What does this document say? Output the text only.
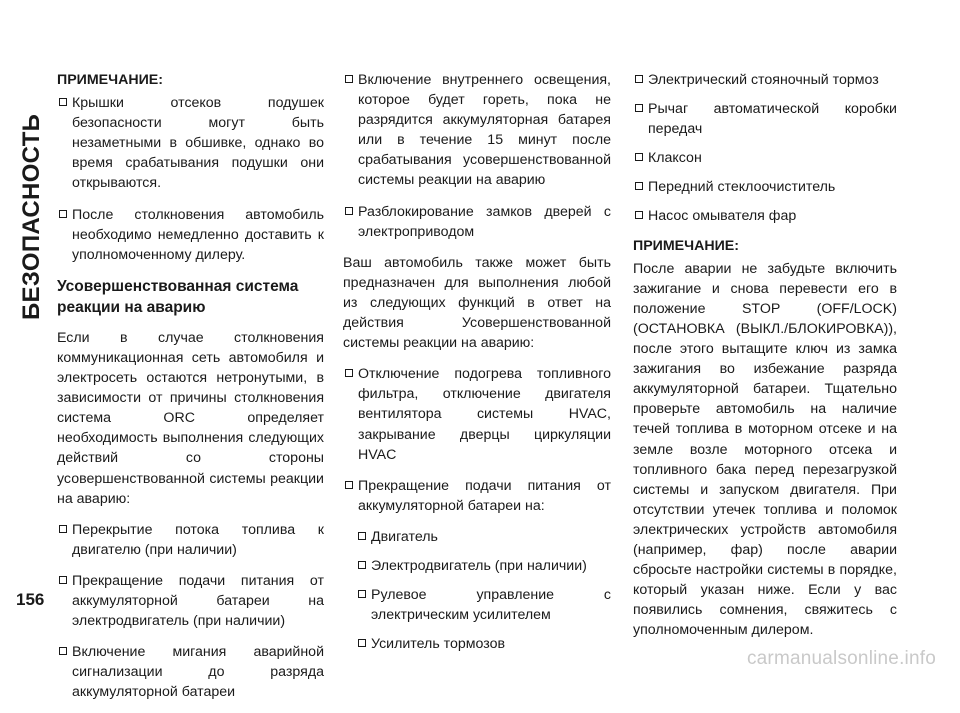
БЕЗОПАСНОСТЬ
156
ПРИМЕЧАНИЕ:
Крышки отсеков подушек безопасности могут быть незаметными в обшивке, однако во время срабатывания подушки они открываются.
После столкновения автомобиль необходимо немедленно доставить к уполномоченному дилеру.
Усовершенствованная система реакции на аварию

Если в случае столкновения коммуникационная сеть автомобиля и электросеть остаются нетронутыми, в зависимости от причины столкновения система ORC определяет необходимость выполнения следующих действий со стороны усовершенствованной системы реакции на аварию:

Перекрытие потока топлива к двигателю (при наличии)
Прекращение подачи питания от аккумуляторной батареи на электродвигатель (при наличии)
Включение мигания аварийной сигнализации до разряда аккумуляторной батареи
Включение внутреннего освещения, которое будет гореть, пока не разрядится аккумуляторная батарея или в течение 15 минут после срабатывания усовершенствованной системы реакции на аварию
Разблокирование замков дверей с электроприводом

Ваш автомобиль также может быть предназначен для выполнения любой из следующих функций в ответ на действия Усовершенствованной системы реакции на аварию:

Отключение подогрева топливного фильтра, отключение двигателя вентилятора системы HVAC, закрывание дверцы циркуляции HVAC
Прекращение подачи питания от аккумуляторной батареи на:
Двигатель
Электродвигатель (при наличии)
Рулевое управление с электрическим усилителем
Усилитель тормозов
Электрический стояночный тормоз
Рычаг автоматической коробки передач
Клаксон
Передний стеклоочиститель
Насос омывателя фар
ПРИМЕЧАНИЕ:

После аварии не забудьте включить зажигание и снова перевести его в положение STOP (OFF/LOCK) (ОСТАНОВКА (ВЫКЛ./БЛОКИРОВКА)), после этого вытащите ключ из замка зажигания во избежание разряда аккумуляторной батареи. Тщательно проверьте автомобиль на наличие течей топлива в моторном отсеке и на земле возле моторного отсека и топливного бака перед перезагрузкой системы и запуском двигателя. При отсутствии утечек топлива и поломок электрических устройств автомобиля (например, фар) после аварии сбросьте настройки системы в порядке, который указан ниже. Если у вас появились сомнения, свяжитесь с уполномоченным дилером.

carmanualsonline.info
